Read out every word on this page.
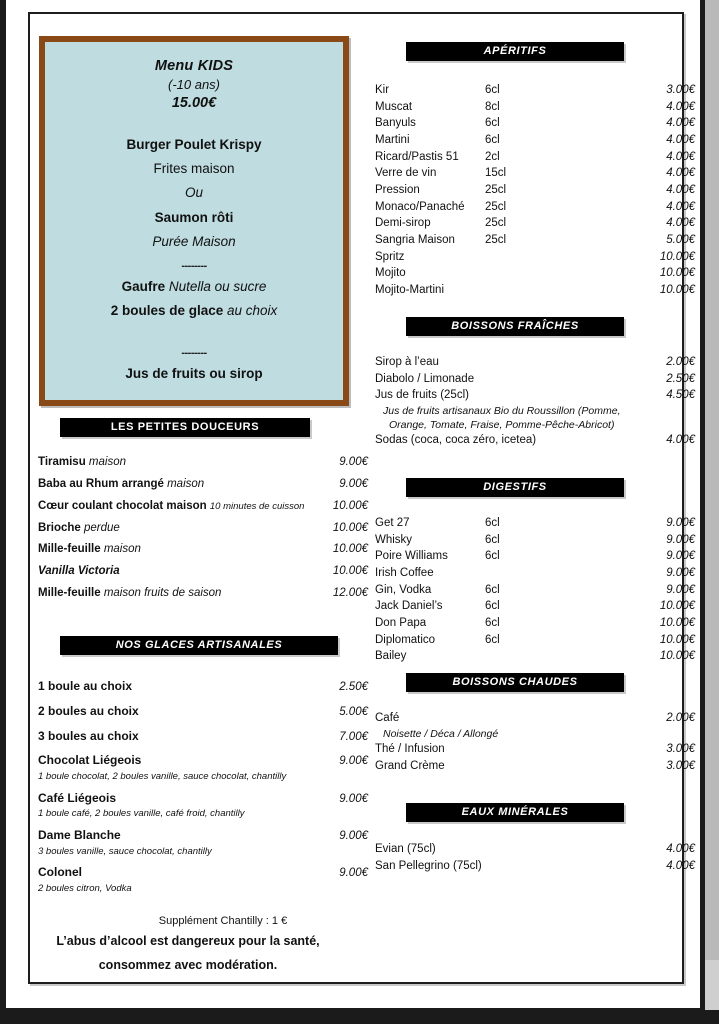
Menu KIDS
(-10 ans)
15.00€
Burger Poulet Krispy
Frites maison
Ou
Saumon rôti
Purée Maison
--------
Gaufre Nutella ou sucre
2 boules de glace au choix
--------
Jus de fruits ou sirop
LES PETITES DOUCEURS
Tiramisu maison	9.00€
Baba au Rhum arrangé maison	9.00€
Cœur coulant chocolat maison 10 minutes de cuisson	10.00€
Brioche perdue	10.00€
Mille-feuille maison	10.00€
Vanilla Victoria	10.00€
Mille-feuille maison fruits de saison	12.00€
NOS GLACES ARTISANALES
1 boule au choix	2.50€
2 boules au choix	5.00€
3 boules au choix	7.00€
Chocolat Liégeois	9.00€
1 boule chocolat, 2 boules vanille, sauce chocolat, chantilly
Café Liégeois	9.00€
1 boule café, 2 boules vanille, café froid, chantilly
Dame Blanche	9.00€
3 boules vanille, sauce chocolat, chantilly
Colonel	9.00€
2 boules citron, Vodka
Supplément Chantilly : 1 €
L’abus d’alcool est dangereux pour la santé,
consommez avec modération.
APÉRITIFS
Kir	6cl	3.00€
Muscat	8cl	4.00€
Banyuls	6cl	4.00€
Martini	6cl	4.00€
Ricard/Pastis 51	2cl	4.00€
Verre de vin	15cl	4.00€
Pression	25cl	4.00€
Monaco/Panaché	25cl	4.00€
Demi-sirop	25cl	4.00€
Sangria Maison	25cl	5.00€
Spritz	10.00€
Mojito	10.00€
Mojito-Martini	10.00€
BOISSONS FRAÎCHES
Sirop à l’eau	2.00€
Diabolo / Limonade	2.50€
Jus de fruits (25cl)	4.50€
Jus de fruits artisanaux Bio du Roussillon (Pomme,
Orange, Tomate, Fraise, Pomme-Pêche-Abricot)
Sodas (coca, coca zéro, icetea)	4.00€
DIGESTIFS
Get 27	6cl	9.00€
Whisky	6cl	9.00€
Poire Williams	6cl	9.00€
Irish Coffee	9.00€
Gin, Vodka	6cl	9.00€
Jack Daniel’s	6cl	10.00€
Don Papa	6cl	10.00€
Diplomatico	6cl	10.00€
Bailey	10.00€
BOISSONS CHAUDES
Café	2.00€
Noisette / Déca / Allongé
Thé / Infusion	3.00€
Grand Crème	3.00€
EAUX MINÉRALES
Evian (75cl)	4.00€
San Pellegrino (75cl)	4.00€
